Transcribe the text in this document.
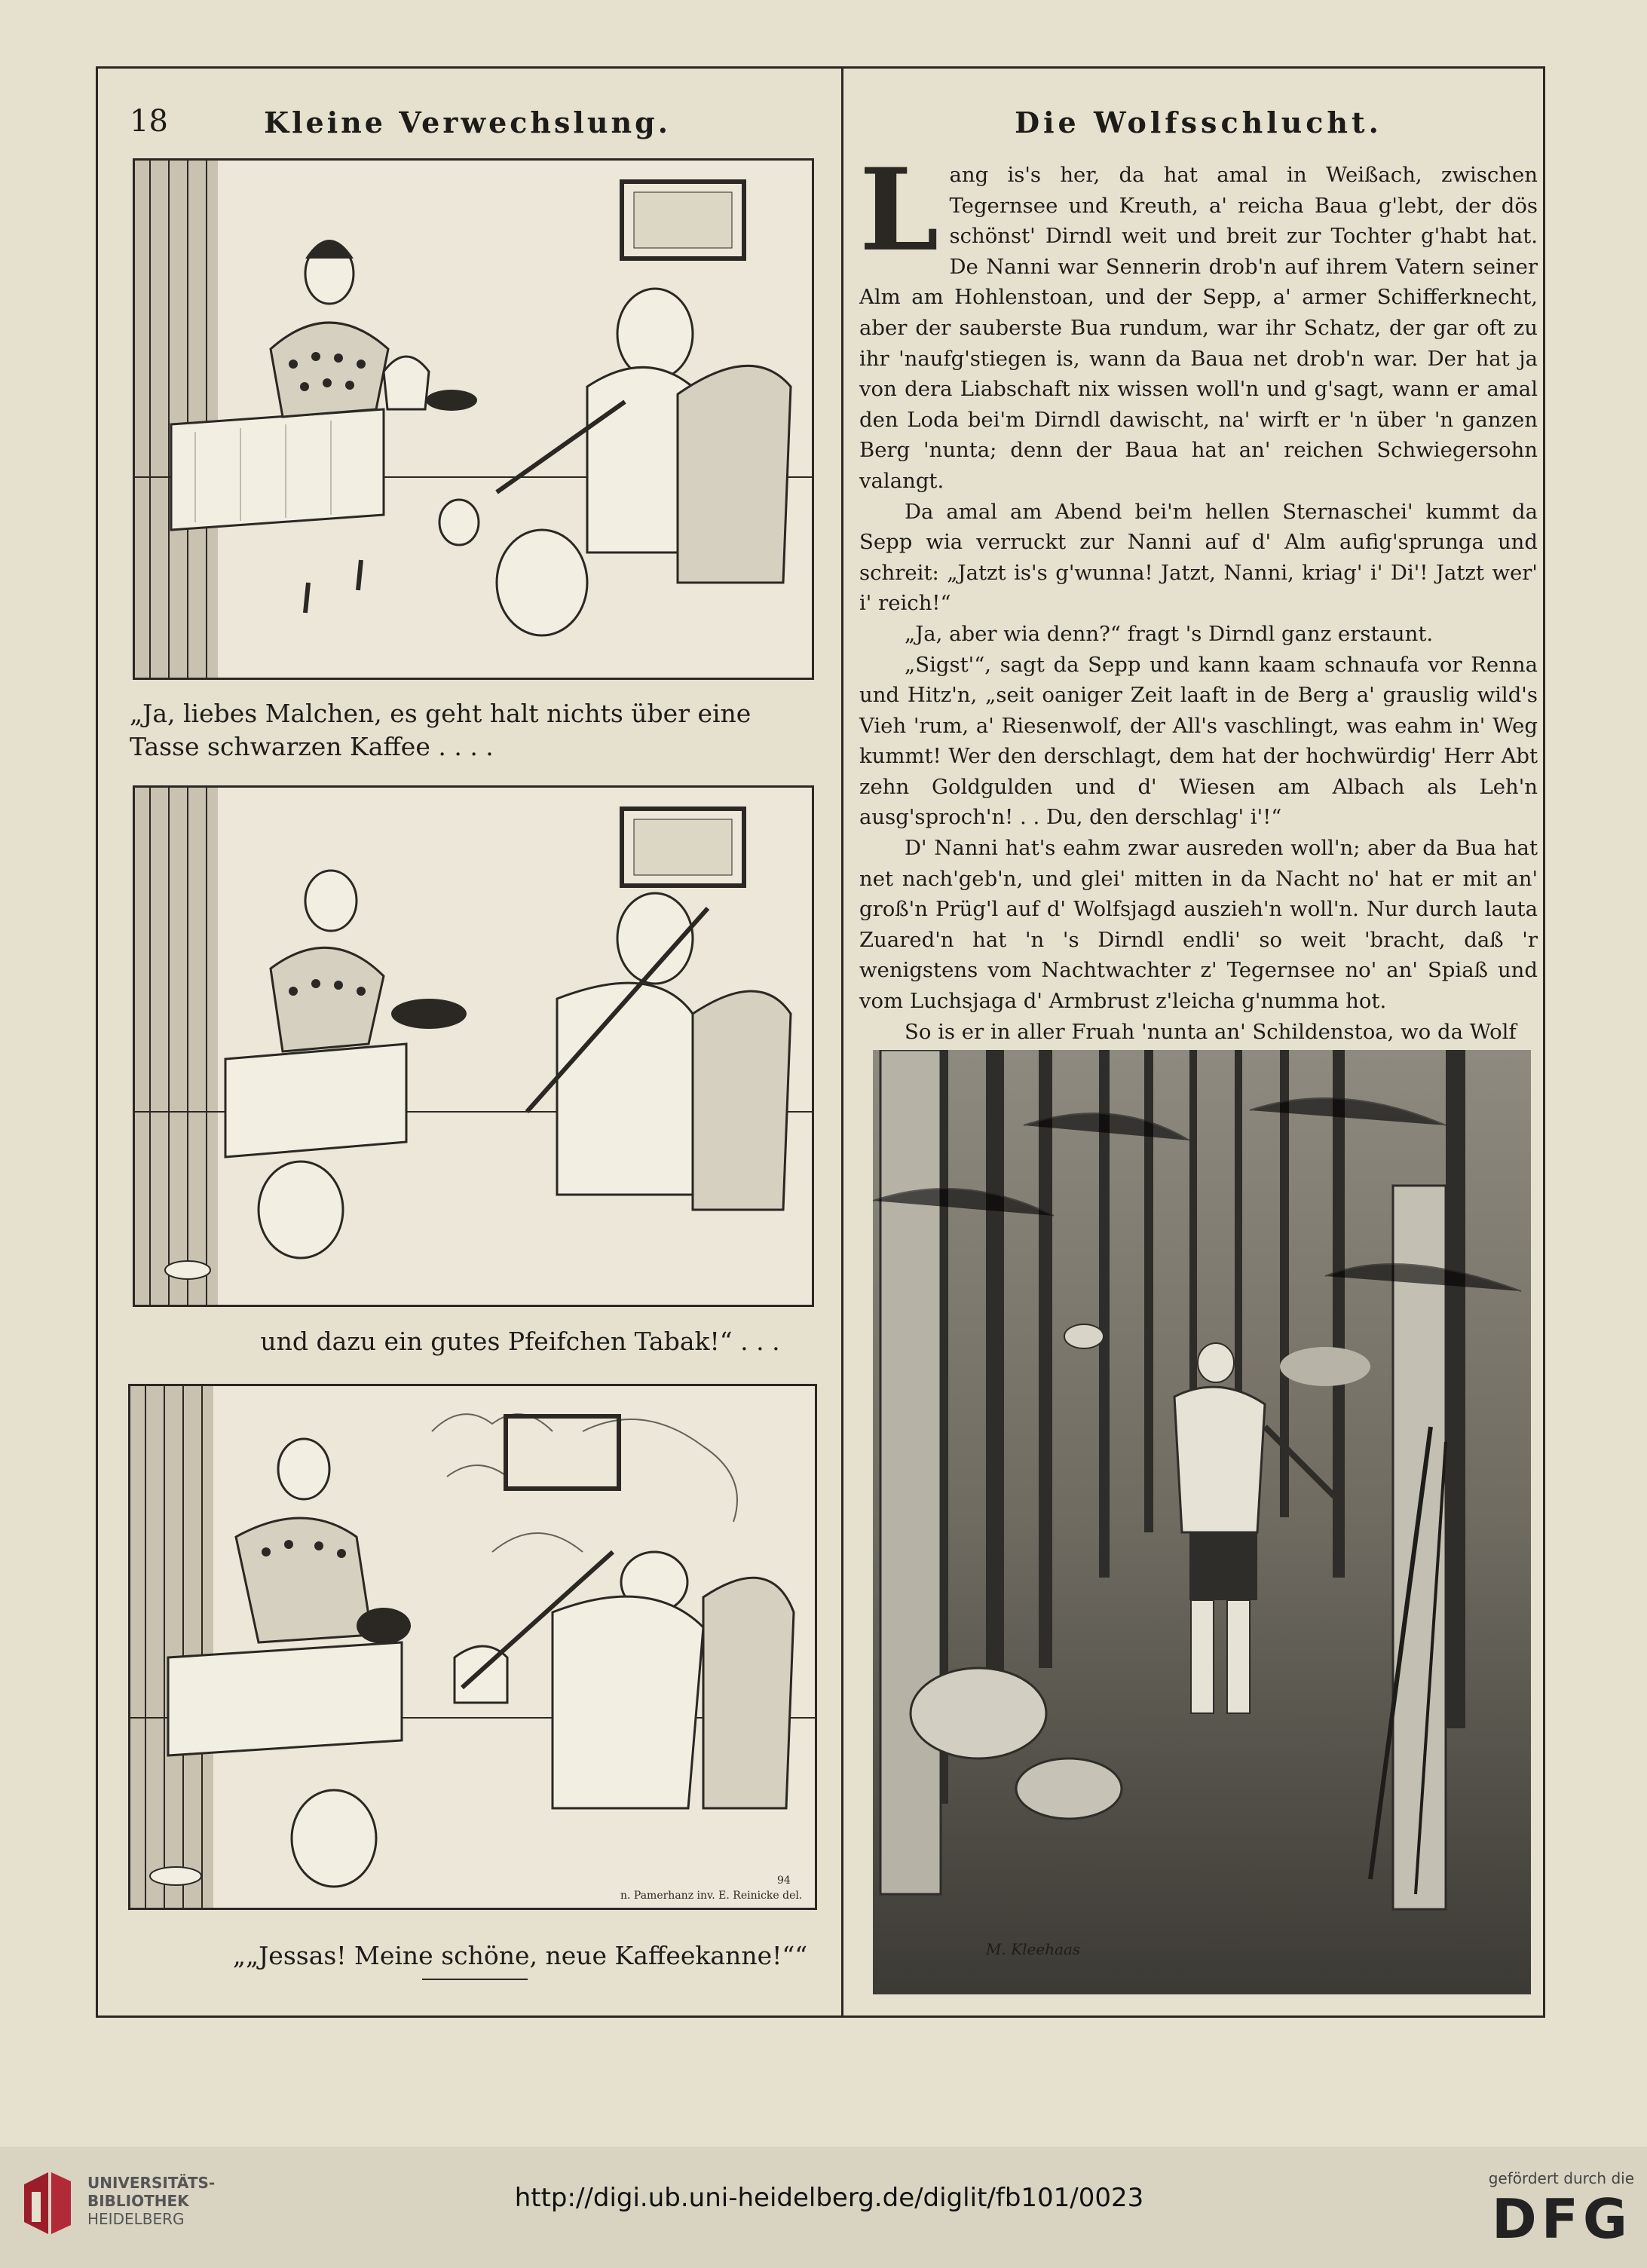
18	Kleine Verwechslung.	Die Wolfsschlucht.
„Ja, liebes Malchen, es geht halt nichts über eine Tasse schwarzen Kaffee . . . .
und dazu ein gutes Pfeifchen Tabak!“ . . .
n. Pamerhanz inv. E. Reinicke del.
94
„„Jessas! Meine schöne, neue Kaffeekanne!““

Lang is's her, da hat amal in Weißach, zwischen Tegernsee und Kreuth, a' reicha Baua g'lebt, der dös schönst' Dirndl weit und breit zur Tochter g'habt hat. De Nanni war Sennerin drob'n auf ihrem Vatern seiner Alm am Hohlenstoan, und der Sepp, a' armer Schifferknecht, aber der sauberste Bua rundum, war ihr Schatz, der gar oft zu ihr 'naufg'stiegen is, wann da Baua net drob'n war. Der hat ja von dera Liabschaft nix wissen woll'n und g'sagt, wann er amal den Loda bei'm Dirndl dawischt, na' wirft er 'n über 'n ganzen Berg 'nunta; denn der Baua hat an' reichen Schwiegersohn valangt.

Da amal am Abend bei'm hellen Sternaschei' kummt da Sepp wia verruckt zur Nanni auf d' Alm aufig'sprunga und schreit: „Jatzt is's g'wunna! Jatzt, Nanni, kriag' i' Di'! Jatzt wer' i' reich!“

„Ja, aber wia denn?“ fragt 's Dirndl ganz erstaunt.

„Sigst'“, sagt da Sepp und kann kaam schnaufa vor Renna und Hitz'n, „seit oaniger Zeit laaft in de Berg a' grauslig wild's Vieh 'rum, a' Riesenwolf, der All's vaschlingt, was eahm in' Weg kummt! Wer den derschlagt, dem hat der hochwürdig' Herr Abt zehn Goldgulden und d' Wiesen am Albach als Leh'n ausg'sproch'n! . . Du, den derschlag' i'!“

D' Nanni hat's eahm zwar ausreden woll'n; aber da Bua hat net nach'geb'n, und glei' mitten in da Nacht no' hat er mit an' groß'n Prüg'l auf d' Wolfsjagd auszieh'n woll'n. Nur durch lauta Zuared'n hat 'n 's Dirndl endli' so weit 'bracht, daß 'r wenigstens vom Nachtwachter z' Tegernsee no' an' Spiaß und vom Luchsjaga d' Armbrust z'leicha g'numma hot.

So is er in aller Fruah 'nunta an' Schildenstoa, wo da Wolf

M. Kleehaas
UNIVERSITÄTS-
BIBLIOTHEK
HEIDELBERG
http://digi.ub.uni-heidelberg.de/diglit/fb101/0023
gefördert durch die
DFG
